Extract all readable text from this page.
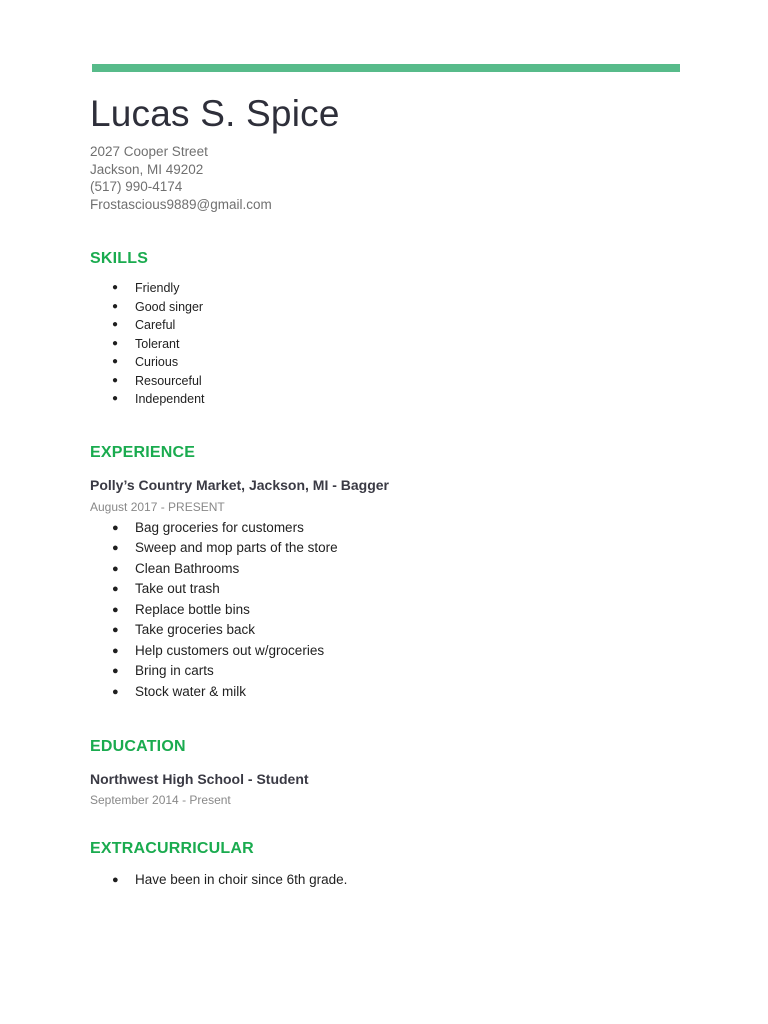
Lucas S. Spice
2027 Cooper Street
Jackson, MI 49202
(517) 990-4174
Frostascious9889@gmail.com
SKILLS
● Friendly
● Good singer
● Careful
● Tolerant
● Curious
● Resourceful
● Independent
EXPERIENCE

Polly’s Country Market, Jackson, MI - Bagger

August 2017 - PRESENT

● Bag groceries for customers
● Sweep and mop parts of the store
● Clean Bathrooms
● Take out trash
● Replace bottle bins
● Take groceries back
● Help customers out w/groceries
● Bring in carts
● Stock water & milk
EDUCATION

Northwest High School - Student

September 2014 - Present

EXTRACURRICULAR
● Have been in choir since 6th grade.
